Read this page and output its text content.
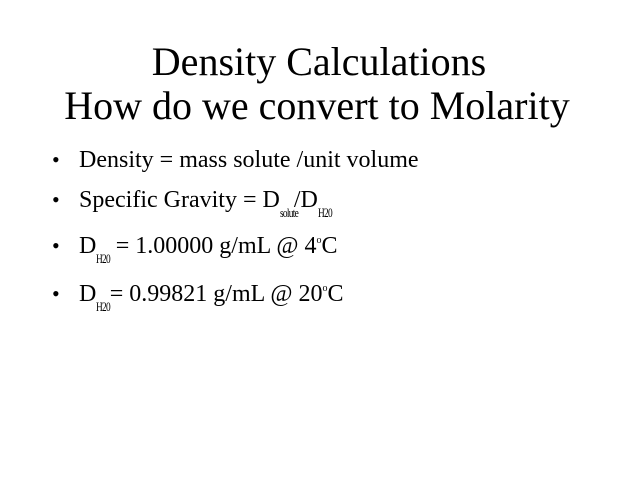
Density Calculations
How do we convert to Molarity
• Density = mass solute /unit volume
• Specific Gravity = Dsolute/DH20
• DH20 = 1.00000 g/mL @ 4oC
• DH20= 0.99821 g/mL @ 20oC
